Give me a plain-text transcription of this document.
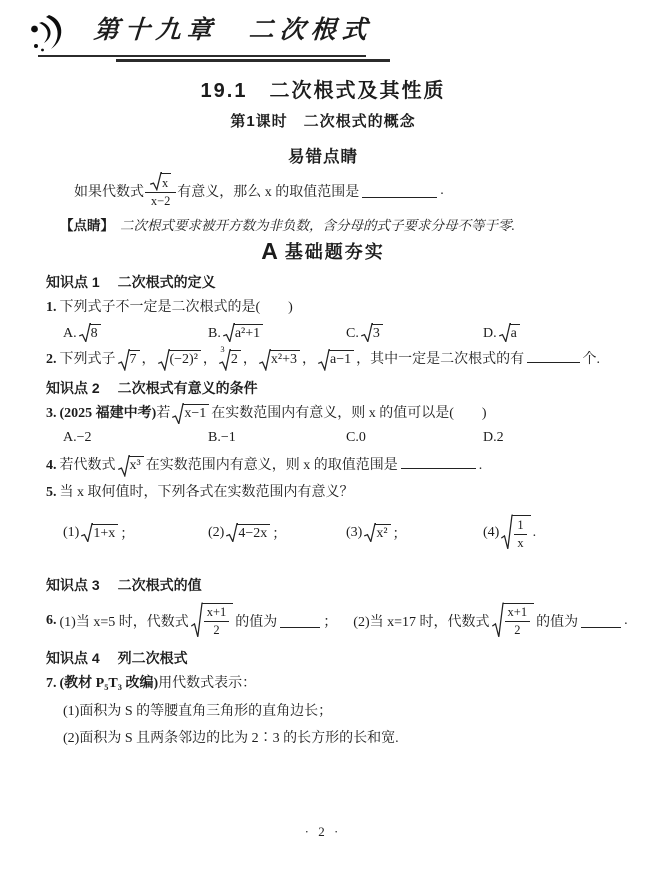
第十九章　二次根式
19.1　二次根式及其性质
第1课时　二次根式的概念
易错点睛
如果代数式 $\frac{x}{x-2}$ 有意义，那么 x 的取值范围是	.
【点睛】 二次根式要求被开方数为非负数，含分母的式子要求分母不等于零.
A 基础题夯实
知识点 1 二次根式的定义
1. 下列式子不一定是二次根式的是(　　)
A.	8	B.	a²+1	C.	3	D.	a
2. 下列式子	7 ，	(−2)² ，
3
2 ，	x²+3 ，	a−1 ， 其中一定是二次根式的有	个.
知识点 2 二次根式有意义的条件
3. (2025 福建中考) 若	x−1 在实数范围内有意义，则 x 的值可以是(　　)
A.−2	B.−1	C.0	D.2
4. 若代数式	x³ 在实数范围内有意义，则 x 的取值范围是	.
5. 当 x 取何值时，下列各式在实数范围内有意义？
(1)	1+x ；	(2)	4−2x ；	(3)	x² ；	$(4) \frac{1}{x}$ .
知识点 3 二次根式的值
6. (1)当 x=5 时，代数式 $\frac{x+1}{2}$ 的值为	； (2)当 x=17 时，代数式 $\frac{x+1}{2}$ 的值为	.
知识点 4 列二次根式
7. (教材 P₅T₃ 改编)用代数式表示：
(1)面积为 S 的等腰直角三角形的直角边长；
(2)面积为 S 且两条邻边的比为 2∶3 的长方形的长和宽.
· 2 ·
